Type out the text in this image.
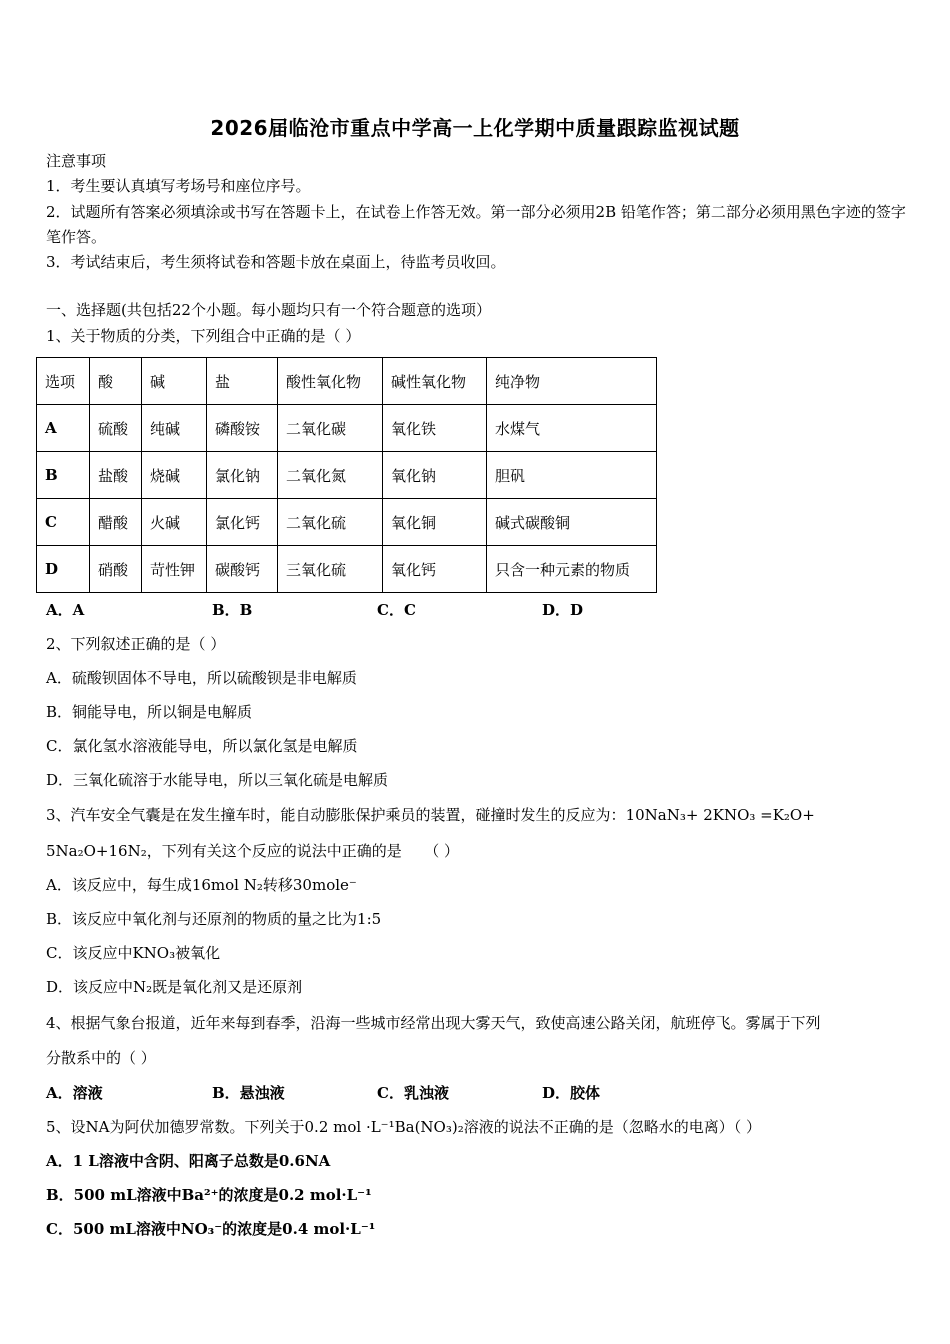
2026届临沧市重点中学高一上化学期中质量跟踪监视试题
注意事项
1．考生要认真填写考场号和座位序号。
2．试题所有答案必须填涂或书写在答题卡上，在试卷上作答无效。第一部分必须用2B 铅笔作答；第二部分必须用黑色字迹的签字笔作答。
3．考试结束后，考生须将试卷和答题卡放在桌面上，待监考员收回。
一、选择题(共包括22个小题。每小题均只有一个符合题意的选项）
1、关于物质的分类，下列组合中正确的是（ ）
选项	酸	碱	盐	酸性氧化物	碱性氧化物	纯净物
A	硫酸	纯碱	磷酸铵	二氧化碳	氧化铁	水煤气
B	盐酸	烧碱	氯化钠	二氧化氮	氧化钠	胆矾
C	醋酸	火碱	氯化钙	二氧化硫	氧化铜	碱式碳酸铜
D	硝酸	苛性钾	碳酸钙	三氧化硫	氧化钙	只含一种元素的物质
A．A	B．B	C．C	D．D
2、下列叙述正确的是（ ）
A．硫酸钡固体不导电，所以硫酸钡是非电解质
B．铜能导电，所以铜是电解质
C．氯化氢水溶液能导电，所以氯化氢是电解质
D．三氧化硫溶于水能导电，所以三氧化硫是电解质
3、汽车安全气囊是在发生撞车时，能自动膨胀保护乘员的装置，碰撞时发生的反应为：10NaN₃+ 2KNO₃ =K₂O+
5Na₂O+16N₂，下列有关这个反应的说法中正确的是　　（ ）
A．该反应中，每生成16mol N₂转移30mole⁻
B．该反应中氧化剂与还原剂的物质的量之比为1:5
C．该反应中KNO₃被氧化
D．该反应中N₂既是氧化剂又是还原剂
4、根据气象台报道，近年来每到春季，沿海一些城市经常出现大雾天气，致使高速公路关闭，航班停飞。雾属于下列
分散系中的（ ）
A．溶液	B．悬浊液	C．乳浊液	D．胶体
5、设NA为阿伏加德罗常数。下列关于0.2 mol ·L⁻¹Ba(NO₃)₂溶液的说法不正确的是（忽略水的电离）（ ）
A．1 L溶液中含阴、阳离子总数是0.6NA
B．500 mL溶液中Ba²⁺的浓度是0.2 mol·L⁻¹
C．500 mL溶液中NO₃⁻的浓度是0.4 mol·L⁻¹
